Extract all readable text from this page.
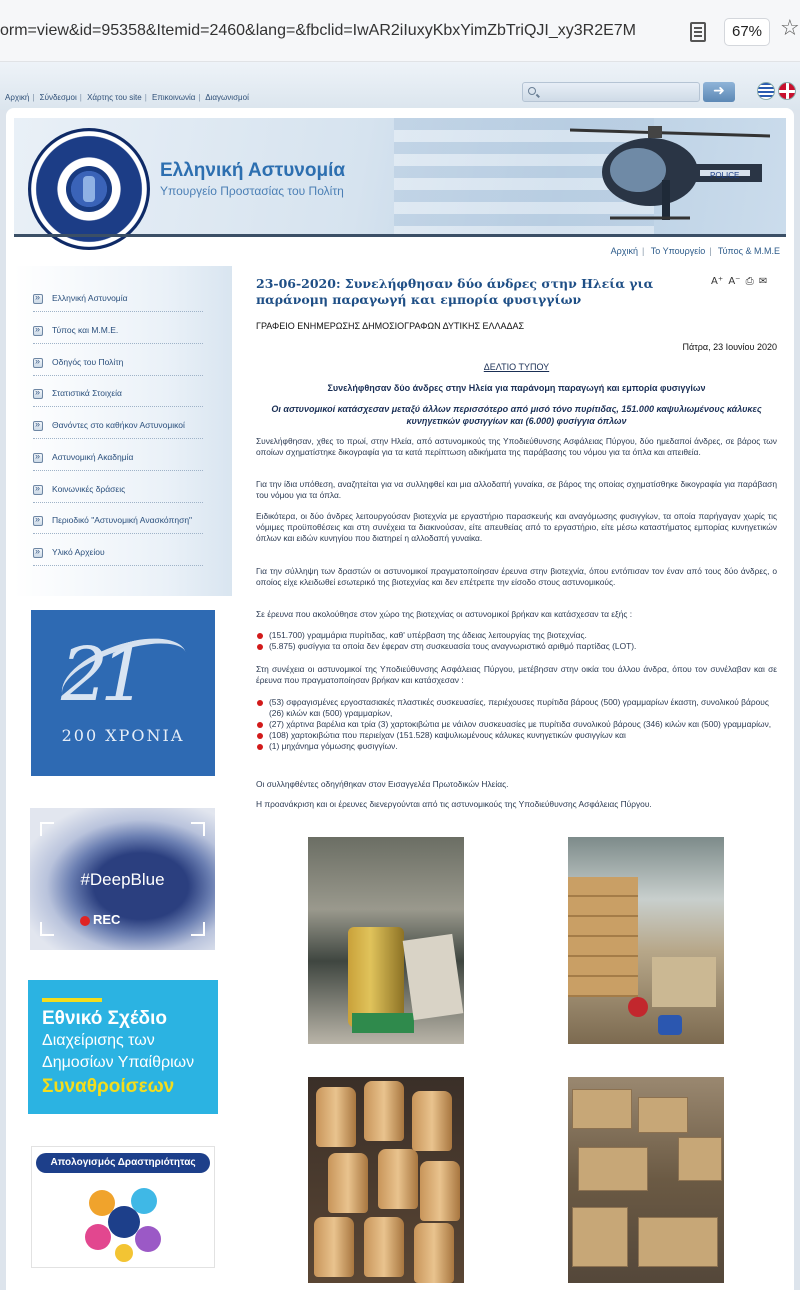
orm=view&id=95358&Itemid=2460&lang=&fbclid=IwAR2iIuxyKbxYimZbTriQJI_xy3R2E7M	67% ☆
Αρχική | Σύνδεσμοι | Χάρτης του site | Επικοινωνία | Διαγωνισμοί	➜
POLICE
Ελληνική Αστυνομία
Υπουργείο Προστασίας του Πολίτη
Αρχική | Το Υπουργείο | Τύπος & Μ.Μ.Ε
»
Ελληνική Αστυνομία
»
Τύπος και Μ.Μ.Ε.
»
Οδηγός του Πολίτη
»
Στατιστικά Στοιχεία
»
Θανόντες στο καθήκον Αστυνομικοί
»
Αστυνομική Ακαδημία
»
Κοινωνικές δράσεις
»
Περιοδικό "Αστυνομική Ανασκόπηση"
»
Υλικό Αρχείου
21
200 ΧΡΟΝΙΑ
#DeepBlue
REC
Εθνικό Σχέδιο
Διαχείρισης των
Δημοσίων Υπαίθριων
Συναθροίσεων
Απολογισμός Δραστηριότητας
23-06-2020: Συνελήφθησαν δύο άνδρες στην Ηλεία για παράνομη παραγωγή και εμπορία φυσιγγίων
A⁺ A⁻ ⎙ ✉
ΓΡΑΦΕΙΟ ΕΝΗΜΕΡΩΣΗΣ ΔΗΜΟΣΙΟΓΡΑΦΩΝ ΔΥΤΙΚΗΣ ΕΛΛΑΔΑΣ
Πάτρα, 23 Ιουνίου 2020
ΔΕΛΤΙΟ ΤΥΠΟΥ
Συνελήφθησαν δύο άνδρες στην Ηλεία για παράνομη παραγωγή και εμπορία φυσιγγίων
Οι αστυνομικοί κατάσχεσαν μεταξύ άλλων περισσότερο από μισό τόνο πυρίτιδας, 151.000 καψυλιωμένους κάλυκες κυνηγετικών φυσιγγίων και (6.000) φυσίγγια όπλων
Συνελήφθησαν, χθες το πρωί, στην Ηλεία, από αστυνομικούς της Υποδιεύθυνσης Ασφάλειας Πύργου, δύο ημεδαποί άνδρες, σε βάρος των οποίων σχηματίστηκε δικογραφία για τα κατά περίπτωση αδικήματα της παράβασης του νόμου για τα όπλα και απειθεία.
Για την ίδια υπόθεση, αναζητείται για να συλληφθεί και μια αλλοδαπή γυναίκα, σε βάρος της οποίας σχηματίσθηκε δικογραφία για παράβαση του νόμου για τα όπλα.
Ειδικότερα, οι δύο άνδρες λειτουργούσαν βιοτεχνία με εργαστήριο παρασκευής και αναγόμωσης φυσιγγίων, τα οποία παρήγαγαν χωρίς τις νόμιμες προϋποθέσεις και στη συνέχεια τα διακινούσαν, είτε απευθείας από το εργαστήριο, είτε μέσω καταστήματος εμπορίας κυνηγετικών όπλων και ειδών κυνηγίου που διατηρεί η αλλοδαπή γυναίκα.
Για την σύλληψη των δραστών οι αστυνομικοί πραγματοποίησαν έρευνα στην βιοτεχνία, όπου εντόπισαν τον έναν από τους δύο άνδρες, ο οποίος είχε κλειδωθεί εσωτερικό της βιοτεχνίας και δεν επέτρεπε την είσοδο στους αστυνομικούς.
Σε έρευνα που ακολούθησε στον χώρο της βιοτεχνίας οι αστυνομικοί βρήκαν και κατάσχεσαν τα εξής :
(151.700) γραμμάρια πυρίτιδας, καθ' υπέρβαση της άδειας λειτουργίας της βιοτεχνίας.
(5.875) φυσίγγια τα οποία δεν έφεραν στη συσκευασία τους αναγνωριστικό αριθμό παρτίδας (LOT).
Στη συνέχεια οι αστυνομικοί της Υποδιεύθυνσης Ασφάλειας Πύργου, μετέβησαν στην οικία του άλλου άνδρα, όπου τον συνέλαβαν και σε έρευνα που πραγματοποίησαν βρήκαν και κατάσχεσαν :
(53) σφραγισμένες εργοστασιακές πλαστικές συσκευασίες, περιέχουσες πυρίτιδα βάρους (500) γραμμαρίων έκαστη, συνολικού βάρους (26) κιλών και (500) γραμμαρίων,
(27) χάρτινα βαρέλια και τρία (3) χαρτοκιβώτια με νάιλον συσκευασίες με πυρίτιδα συνολικού βάρους (346) κιλών και (500) γραμμαρίων,
(108) χαρτοκιβώτια που περιείχαν (151.528) καψυλιωμένους κάλυκες κυνηγετικών φυσιγγίων και
(1) μηχάνημα γόμωσης φυσιγγίων.
Οι συλληφθέντες οδηγήθηκαν στον Εισαγγελέα Πρωτοδικών Ηλείας.
Η προανάκριση και οι έρευνες διενεργούνται από τις αστυνομικούς της Υποδιεύθυνσης Ασφάλειας Πύργου.
